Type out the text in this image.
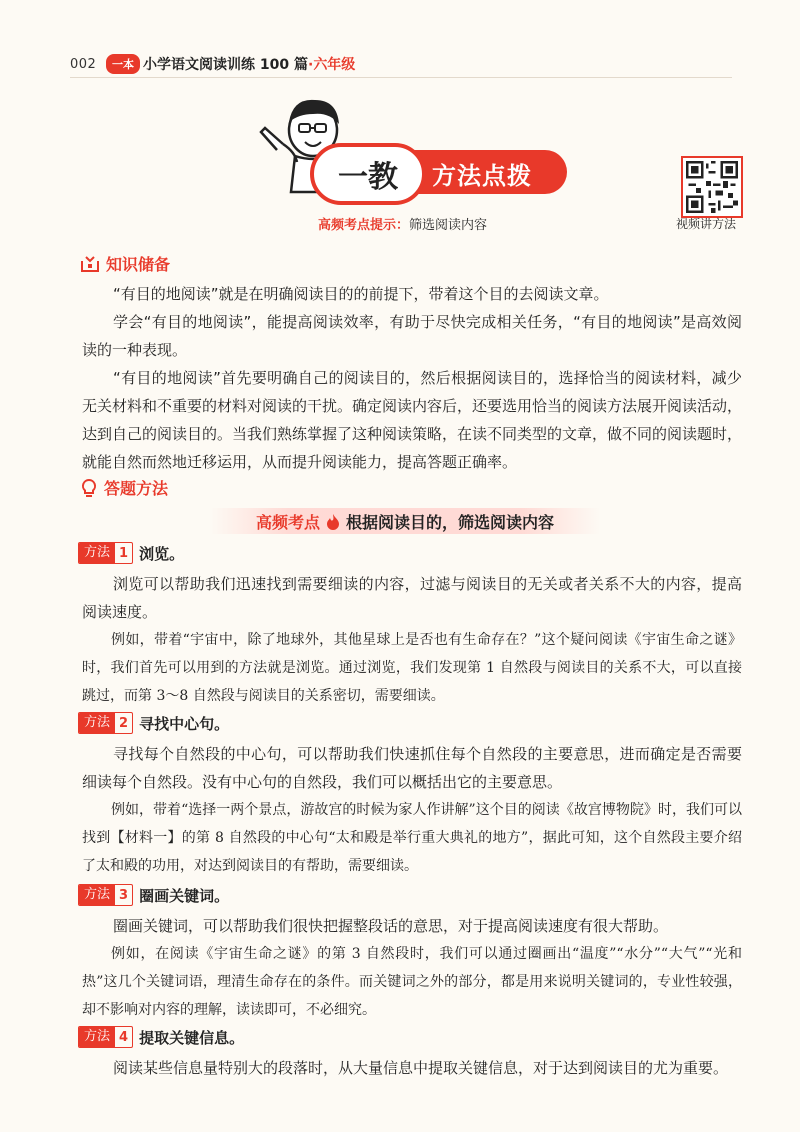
002	一本 小学语文阅读训练 100 篇·六年级
一教	方法点拨
高频考点提示：筛选阅读内容	视频讲方法
知识储备

“有目的地阅读”就是在明确阅读目的的前提下，带着这个目的去阅读文章。

学会“有目的地阅读”，能提高阅读效率，有助于尽快完成相关任务，“有目的地阅读”是高效阅读的一种表现。

“有目的地阅读”首先要明确自己的阅读目的，然后根据阅读目的，选择恰当的阅读材料，减少无关材料和不重要的材料对阅读的干扰。确定阅读内容后，还要选用恰当的阅读方法展开阅读活动，达到自己的阅读目的。当我们熟练掌握了这种阅读策略，在读不同类型的文章，做不同的阅读题时，就能自然而然地迁移运用，从而提升阅读能力，提高答题正确率。

答题方法
高频考点 根据阅读目的，筛选阅读内容
方法 1 浏览。

浏览可以帮助我们迅速找到需要细读的内容，过滤与阅读目的无关或者关系不大的内容，提高阅读速度。

例如，带着“宇宙中，除了地球外，其他星球上是否也有生命存在？”这个疑问阅读《宇宙生命之谜》时，我们首先可以用到的方法就是浏览。通过浏览，我们发现第 1 自然段与阅读目的关系不大，可以直接跳过，而第 3～8 自然段与阅读目的关系密切，需要细读。

方法 2 寻找中心句。

寻找每个自然段的中心句，可以帮助我们快速抓住每个自然段的主要意思，进而确定是否需要细读每个自然段。没有中心句的自然段，我们可以概括出它的主要意思。

例如，带着“选择一两个景点，游故宫的时候为家人作讲解”这个目的阅读《故宫博物院》时，我们可以找到【材料一】的第 8 自然段的中心句“太和殿是举行重大典礼的地方”，据此可知，这个自然段主要介绍了太和殿的功用，对达到阅读目的有帮助，需要细读。

方法 3 圈画关键词。

圈画关键词，可以帮助我们很快把握整段话的意思，对于提高阅读速度有很大帮助。

例如，在阅读《宇宙生命之谜》的第 3 自然段时，我们可以通过圈画出“温度”“水分”“大气”“光和热”这几个关键词语，理清生命存在的条件。而关键词之外的部分，都是用来说明关键词的，专业性较强，却不影响对内容的理解，读读即可，不必细究。

方法 4 提取关键信息。

阅读某些信息量特别大的段落时，从大量信息中提取关键信息，对于达到阅读目的尤为重要。
